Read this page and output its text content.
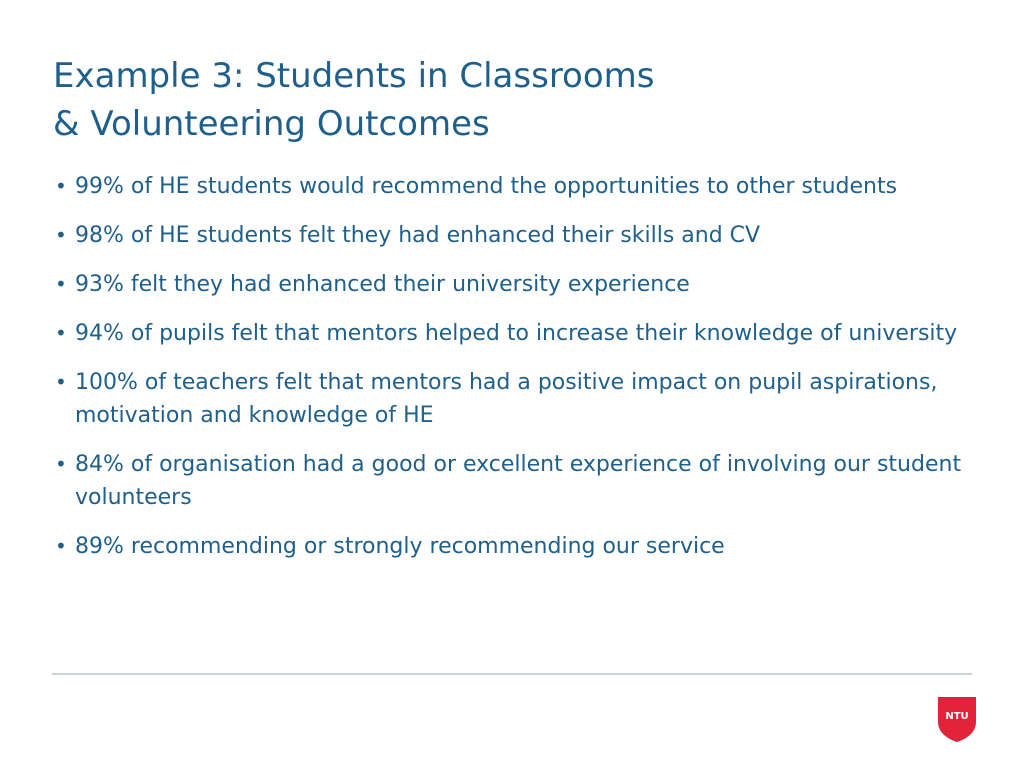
Example 3: Students in Classrooms
& Volunteering Outcomes
• 99% of HE students would recommend the opportunities to other students
• 98% of HE students felt they had enhanced their skills and CV
• 93% felt they had enhanced their university experience
• 94% of pupils felt that mentors helped to increase their knowledge of university
• 100% of teachers felt that mentors had a positive impact on pupil aspirations, motivation and knowledge of HE
• 84% of organisation had a good or excellent experience of involving our student volunteers
• 89% recommending or strongly recommending our service
NTU
